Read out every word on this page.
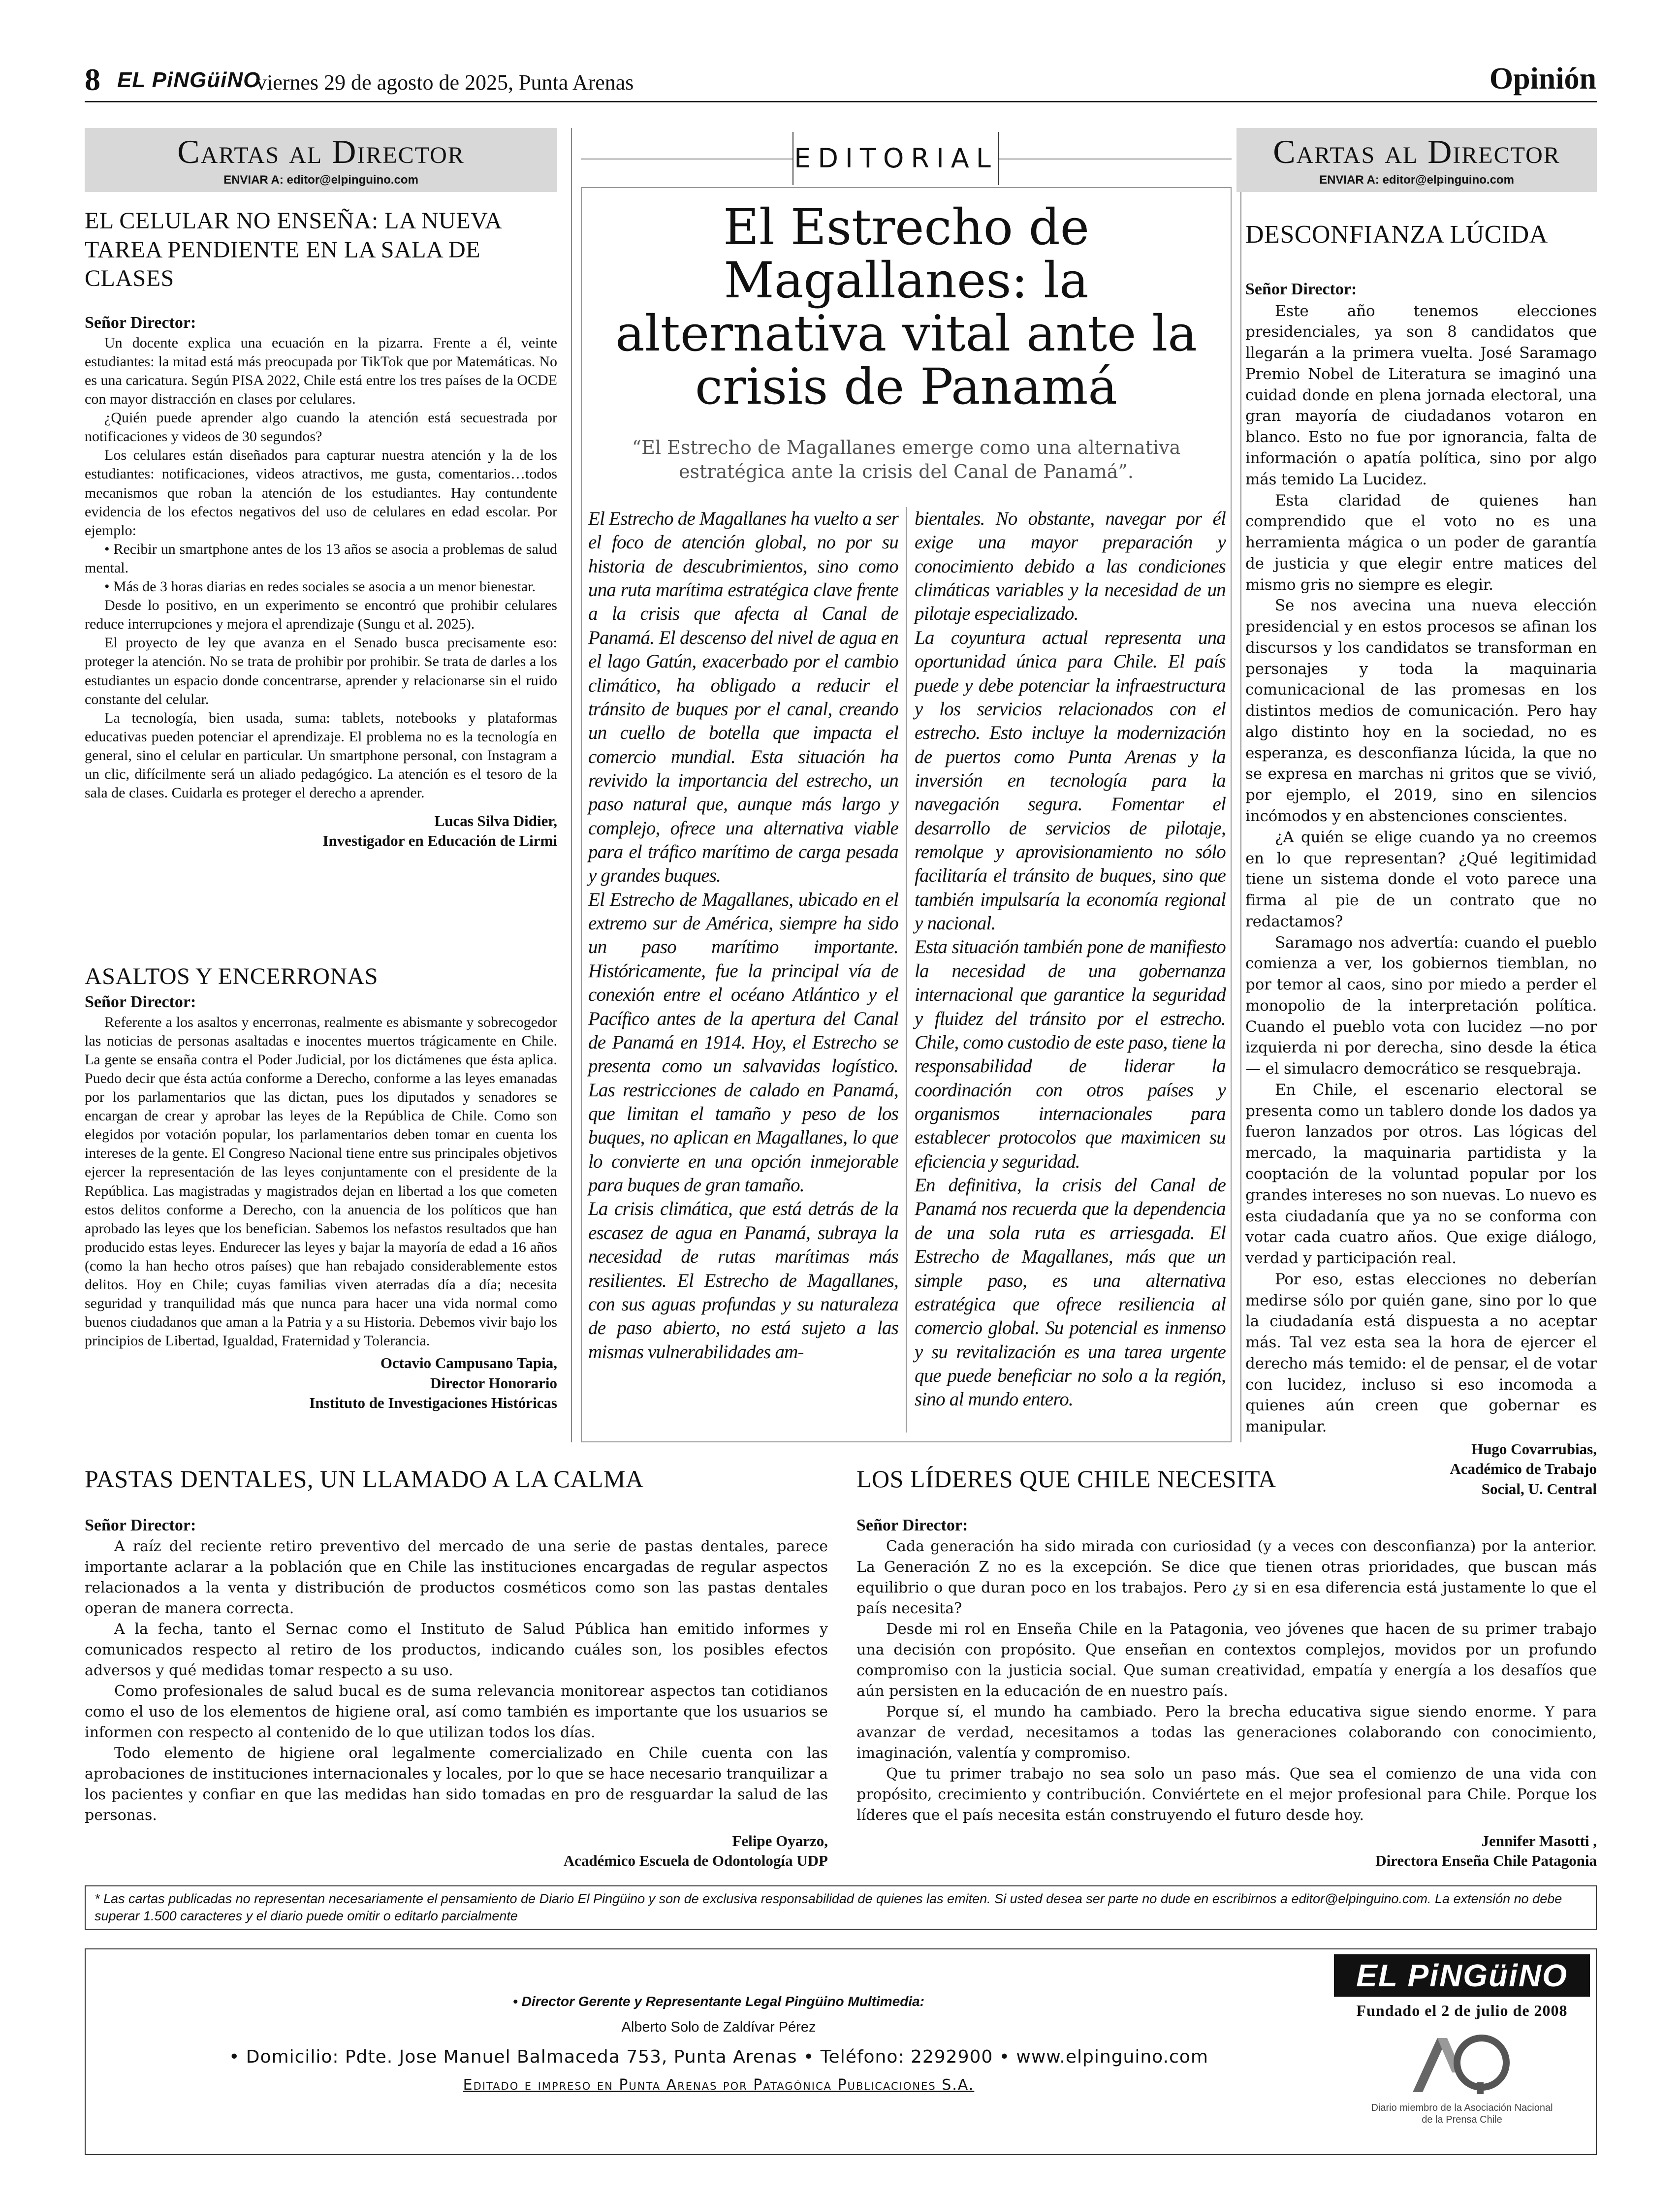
8 EL PiNGüiNO
viernes 29 de agosto de 2025, Punta Arenas	Opinión
Cartas al Director
ENVIAR A: editor@elpinguino.com
EL CELULAR NO ENSEÑA: LA NUEVA TAREA PENDIENTE EN LA SALA DE CLASES
Señor Director:

Un docente explica una ecuación en la pizarra. Frente a él, veinte estudiantes: la mitad está más preocupada por TikTok que por Matemáticas. No es una caricatura. Según PISA 2022, Chile está entre los tres países de la OCDE con mayor distracción en clases por celulares.

¿Quién puede aprender algo cuando la atención está secuestrada por notificaciones y videos de 30 segundos?

Los celulares están diseñados para capturar nuestra atención y la de los estudiantes: notificaciones, videos atractivos, me gusta, comentarios…todos mecanismos que roban la atención de los estudiantes. Hay contundente evidencia de los efectos negativos del uso de celulares en edad escolar. Por ejemplo:

• Recibir un smartphone antes de los 13 años se asocia a problemas de salud mental.

• Más de 3 horas diarias en redes sociales se asocia a un menor bienestar.

Desde lo positivo, en un experimento se encontró que prohibir celulares reduce interrupciones y mejora el aprendizaje (Sungu et al. 2025).

El proyecto de ley que avanza en el Senado busca precisamente eso: proteger la atención. No se trata de prohibir por prohibir. Se trata de darles a los estudiantes un espacio donde concentrarse, aprender y relacionarse sin el ruido constante del celular.

La tecnología, bien usada, suma: tablets, notebooks y plataformas educativas pueden potenciar el aprendizaje. El problema no es la tecnología en general, sino el celular en particular. Un smartphone personal, con Instagram a un clic, difícilmente será un aliado pedagógico. La atención es el tesoro de la sala de clases. Cuidarla es proteger el derecho a aprender.

Lucas Silva Didier,
Investigador en Educación de Lirmi
ASALTOS Y ENCERRONAS
Señor Director:

Referente a los asaltos y encerronas, realmente es abismante y sobrecogedor las noticias de personas asaltadas e inocentes muertos trágicamente en Chile. La gente se ensaña contra el Poder Judicial, por los dictámenes que ésta aplica. Puedo decir que ésta actúa conforme a Derecho, conforme a las leyes emanadas por los parlamentarios que las dictan, pues los diputados y senadores se encargan de crear y aprobar las leyes de la República de Chile. Como son elegidos por votación popular, los parlamentarios deben tomar en cuenta los intereses de la gente. El Congreso Nacional tiene entre sus principales objetivos ejercer la representación de las leyes conjuntamente con el presidente de la República. Las magistradas y magistrados dejan en libertad a los que cometen estos delitos conforme a Derecho, con la anuencia de los políticos que han aprobado las leyes que los benefician. Sabemos los nefastos resultados que han producido estas leyes. Endurecer las leyes y bajar la mayoría de edad a 16 años (como la han hecho otros países) que han rebajado considerablemente estos delitos. Hoy en Chile; cuyas familias viven aterradas día a día; necesita seguridad y tranquilidad más que nunca para hacer una vida normal como buenos ciudadanos que aman a la Patria y a su Historia. Debemos vivir bajo los principios de Libertad, Igualdad, Fraternidad y Tolerancia.

Octavio Campusano Tapia,
Director Honorario
Instituto de Investigaciones Históricas
EDITORIAL
El Estrecho de Magallanes: la alternativa vital ante la crisis de Panamá
“El Estrecho de Magallanes emerge como una alternativa estratégica ante la crisis del Canal de Panamá”.

El Estrecho de Magallanes ha vuelto a ser el foco de atención global, no por su historia de descubrimientos, sino como una ruta marítima estratégica clave frente a la crisis que afecta al Canal de Panamá. El descenso del nivel de agua en el lago Gatún, exacerbado por el cambio climático, ha obligado a reducir el tránsito de buques por el canal, creando un cuello de botella que impacta el comercio mundial. Esta situación ha revivido la importancia del estrecho, un paso natural que, aunque más largo y complejo, ofrece una alternativa viable para el tráfico marítimo de carga pesada y grandes buques.

El Estrecho de Magallanes, ubicado en el extremo sur de América, siempre ha sido un paso marítimo importante. Históricamente, fue la principal vía de conexión entre el océano Atlántico y el Pacífico antes de la apertura del Canal de Panamá en 1914. Hoy, el Estrecho se presenta como un salvavidas logístico. Las restricciones de calado en Panamá, que limitan el tamaño y peso de los buques, no aplican en Magallanes, lo que lo convierte en una opción inmejorable para buques de gran tamaño.

La crisis climática, que está detrás de la escasez de agua en Panamá, subraya la necesidad de rutas marítimas más resilientes. El Estrecho de Magallanes, con sus aguas profundas y su naturaleza de paso abierto, no está sujeto a las mismas vulnerabilidades am-

bientales. No obstante, navegar por él exige una mayor preparación y conocimiento debido a las condiciones climáticas variables y la necesidad de un pilotaje especializado.

La coyuntura actual representa una oportunidad única para Chile. El país puede y debe potenciar la infraestructura y los servicios relacionados con el estrecho. Esto incluye la modernización de puertos como Punta Arenas y la inversión en tecnología para la navegación segura. Fomentar el desarrollo de servicios de pilotaje, remolque y aprovisionamiento no sólo facilitaría el tránsito de buques, sino que también impulsaría la economía regional y nacional.

Esta situación también pone de manifiesto la necesidad de una gobernanza internacional que garantice la seguridad y fluidez del tránsito por el estrecho. Chile, como custodio de este paso, tiene la responsabilidad de liderar la coordinación con otros países y organismos internacionales para establecer protocolos que maximicen su eficiencia y seguridad.

En definitiva, la crisis del Canal de Panamá nos recuerda que la dependencia de una sola ruta es arriesgada. El Estrecho de Magallanes, más que un simple paso, es una alternativa estratégica que ofrece resiliencia al comercio global. Su potencial es inmenso y su revitalización es una tarea urgente que puede beneficiar no solo a la región, sino al mundo entero.

Cartas al Director
ENVIAR A: editor@elpinguino.com
DESCONFIANZA LÚCIDA
Señor Director:

Este año tenemos elecciones presidenciales, ya son 8 candidatos que llegarán a la primera vuelta. José Saramago Premio Nobel de Literatura se imaginó una cuidad donde en plena jornada electoral, una gran mayoría de ciudadanos votaron en blanco. Esto no fue por ignorancia, falta de información o apatía política, sino por algo más temido La Lucidez.

Esta claridad de quienes han comprendido que el voto no es una herramienta mágica o un poder de garantía de justicia y que elegir entre matices del mismo gris no siempre es elegir.

Se nos avecina una nueva elección presidencial y en estos procesos se afinan los discursos y los candidatos se transforman en personajes y toda la maquinaria comunicacional de las promesas en los distintos medios de comunicación. Pero hay algo distinto hoy en la sociedad, no es esperanza, es desconfianza lúcida, la que no se expresa en marchas ni gritos que se vivió, por ejemplo, el 2019, sino en silencios incómodos y en abstenciones conscientes.

¿A quién se elige cuando ya no creemos en lo que representan? ¿Qué legitimidad tiene un sistema donde el voto parece una firma al pie de un contrato que no redactamos?

Saramago nos advertía: cuando el pueblo comienza a ver, los gobiernos tiemblan, no por temor al caos, sino por miedo a perder el monopolio de la interpretación política. Cuando el pueblo vota con lucidez —no por izquierda ni por derecha, sino desde la ética— el simulacro democrático se resquebraja.

En Chile, el escenario electoral se presenta como un tablero donde los dados ya fueron lanzados por otros. Las lógicas del mercado, la maquinaria partidista y la cooptación de la voluntad popular por los grandes intereses no son nuevas. Lo nuevo es esta ciudadanía que ya no se conforma con votar cada cuatro años. Que exige diálogo, verdad y participación real.

Por eso, estas elecciones no deberían medirse sólo por quién gane, sino por lo que la ciudadanía está dispuesta a no aceptar más. Tal vez esta sea la hora de ejercer el derecho más temido: el de pensar, el de votar con lucidez, incluso si eso incomoda a quienes aún creen que gobernar es manipular.

Hugo Covarrubias,
Académico de Trabajo
Social, U. Central
PASTAS DENTALES, UN LLAMADO A LA CALMA
Señor Director:

A raíz del reciente retiro preventivo del mercado de una serie de pastas dentales, parece importante aclarar a la población que en Chile las instituciones encargadas de regular aspectos relacionados a la venta y distribución de productos cosméticos como son las pastas dentales operan de manera correcta.

A la fecha, tanto el Sernac como el Instituto de Salud Pública han emitido informes y comunicados respecto al retiro de los productos, indicando cuáles son, los posibles efectos adversos y qué medidas tomar respecto a su uso.

Como profesionales de salud bucal es de suma relevancia monitorear aspectos tan cotidianos como el uso de los elementos de higiene oral, así como también es importante que los usuarios se informen con respecto al contenido de lo que utilizan todos los días.

Todo elemento de higiene oral legalmente comercializado en Chile cuenta con las aprobaciones de instituciones internacionales y locales, por lo que se hace necesario tranquilizar a los pacientes y confiar en que las medidas han sido tomadas en pro de resguardar la salud de las personas.

Felipe Oyarzo,
Académico Escuela de Odontología UDP
LOS LÍDERES QUE CHILE NECESITA
Señor Director:

Cada generación ha sido mirada con curiosidad (y a veces con desconfianza) por la anterior. La Generación Z no es la excepción. Se dice que tienen otras prioridades, que buscan más equilibrio o que duran poco en los trabajos. Pero ¿y si en esa diferencia está justamente lo que el país necesita?

Desde mi rol en Enseña Chile en la Patagonia, veo jóvenes que hacen de su primer trabajo una decisión con propósito. Que enseñan en contextos complejos, movidos por un profundo compromiso con la justicia social. Que suman creatividad, empatía y energía a los desafíos que aún persisten en la educación de en nuestro país.

Porque sí, el mundo ha cambiado. Pero la brecha educativa sigue siendo enorme. Y para avanzar de verdad, necesitamos a todas las generaciones colaborando con conocimiento, imaginación, valentía y compromiso.

Que tu primer trabajo no sea solo un paso más. Que sea el comienzo de una vida con propósito, crecimiento y contribución. Conviértete en el mejor profesional para Chile. Porque los líderes que el país necesita están construyendo el futuro desde hoy.

Jennifer Masotti ,
Directora Enseña Chile Patagonia
* Las cartas publicadas no representan necesariamente el pensamiento de Diario El Pingüino y son de exclusiva responsabilidad de quienes las emiten. Si usted desea ser parte no dude en escribirnos a editor@elpinguino.com. La extensión no debe superar 1.500 caracteres y el diario puede omitir o editarlo parcialmente
• Director Gerente y Representante Legal Pingüino Multimedia:
Alberto Solo de Zaldívar Pérez
• Domicilio: Pdte. Jose Manuel Balmaceda 753, Punta Arenas • Teléfono: 2292900 • www.elpinguino.com
Editado e impreso en Punta Arenas por Patagónica Publicaciones S.A.
EL PiNGüiNO
Fundado el 2 de julio de 2008
Diario miembro de la Asociación Nacional de la Prensa Chile
